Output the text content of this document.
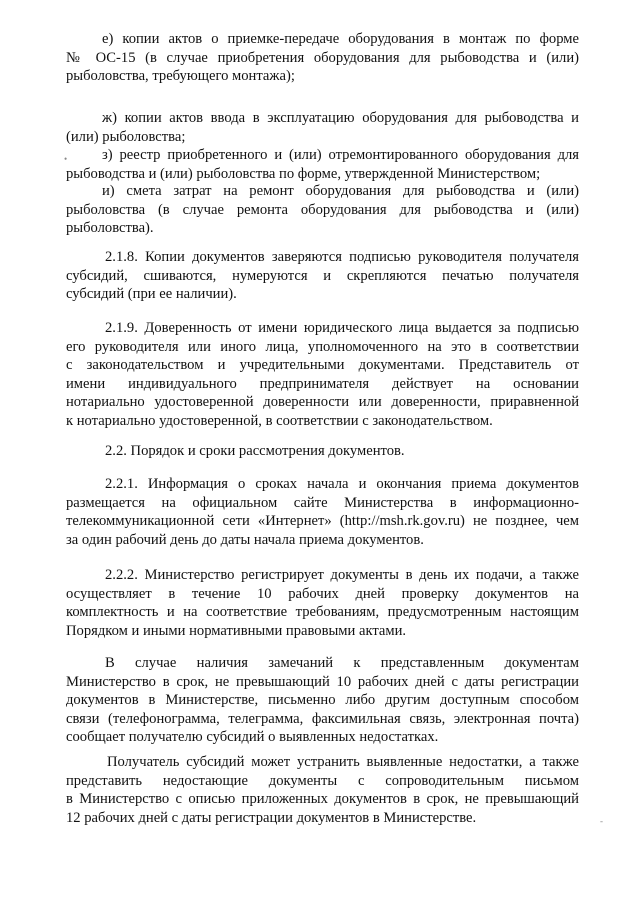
е) копии актов о приемке-передаче оборудования в монтаж по форме
№ ОС-15 (в случае приобретения оборудования для рыбоводства и (или)
рыболовства, требующего монтажа);
ж) копии актов ввода в эксплуатацию оборудования для рыбоводства и
(или) рыболовства;
з) реестр приобретенного и (или) отремонтированного оборудования для
рыбоводства и (или) рыболовства по форме, утвержденной Министерством;
и) смета затрат на ремонт оборудования для рыбоводства и (или)
рыболовства (в случае ремонта оборудования для рыбоводства и (или)
рыболовства).
2.1.8. Копии документов заверяются подписью руководителя получателя
субсидий, сшиваются, нумеруются и скрепляются печатью получателя
субсидий (при ее наличии).
2.1.9. Доверенность от имени юридического лица выдается за подписью
его руководителя или иного лица, уполномоченного на это в соответствии
с законодательством и учредительными документами. Представитель от
имени индивидуального предпринимателя действует на основании
нотариально удостоверенной доверенности или доверенности, приравненной
к нотариально удостоверенной, в соответствии с законодательством.
2.2. Порядок и сроки рассмотрения документов.
2.2.1. Информация о сроках начала и окончания приема документов
размещается на официальном сайте Министерства в информационно-
телекоммуникационной сети «Интернет» (http://msh.rk.gov.ru) не позднее, чем
за один рабочий день до даты начала приема документов.
2.2.2. Министерство регистрирует документы в день их подачи, а также
осуществляет в течение 10 рабочих дней проверку документов на
комплектность и на соответствие требованиям, предусмотренным настоящим
Порядком и иными нормативными правовыми актами.
В случае наличия замечаний к представленным документам
Министерство в срок, не превышающий 10 рабочих дней с даты регистрации
документов в Министерстве, письменно либо другим доступным способом
связи (телефонограмма, телеграмма, факсимильная связь, электронная почта)
сообщает получателю субсидий о выявленных недостатках.
Получатель субсидий может устранить выявленные недостатки, а также
представить недостающие документы с сопроводительным письмом
в Министерство с описью приложенных документов в срок, не превышающий
12 рабочих дней с даты регистрации документов в Министерстве.
•
-
